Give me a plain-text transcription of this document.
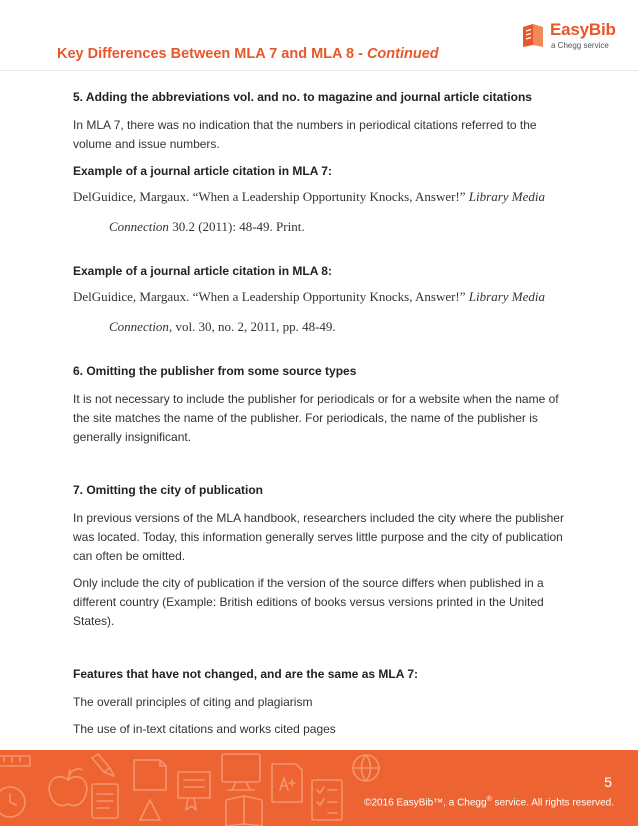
EasyBib
a Chegg service
Key Differences Between MLA 7 and MLA 8 - Continued

5. Adding the abbreviations vol. and no. to magazine and journal article citations

In MLA 7, there was no indication that the numbers in periodical citations referred to the volume and issue numbers.

Example of a journal article citation in MLA 7:

DelGuidice, Margaux. “When a Leadership Opportunity Knocks, Answer!” Library Media

Connection 30.2 (2011): 48-49. Print.

Example of a journal article citation in MLA 8:

DelGuidice, Margaux. “When a Leadership Opportunity Knocks, Answer!” Library Media

Connection, vol. 30, no. 2, 2011, pp. 48-49.

6. Omitting the publisher from some source types

It is not necessary to include the publisher for periodicals or for a website when the name of the site matches the name of the publisher. For periodicals, the name of the publisher is generally insignificant.

7. Omitting the city of publication

In previous versions of the MLA handbook, researchers included the city where the publisher was located. Today, this information generally serves little purpose and the city of publication can often be omitted.

Only include the city of publication if the version of the source differs when published in a different country (Example: British editions of books versus versions printed in the United States).

Features that have not changed, and are the same as MLA 7:

The overall principles of citing and plagiarism

The use of in-text citations and works cited pages

5
©2016 EasyBib™, a Chegg® service. All rights reserved.
